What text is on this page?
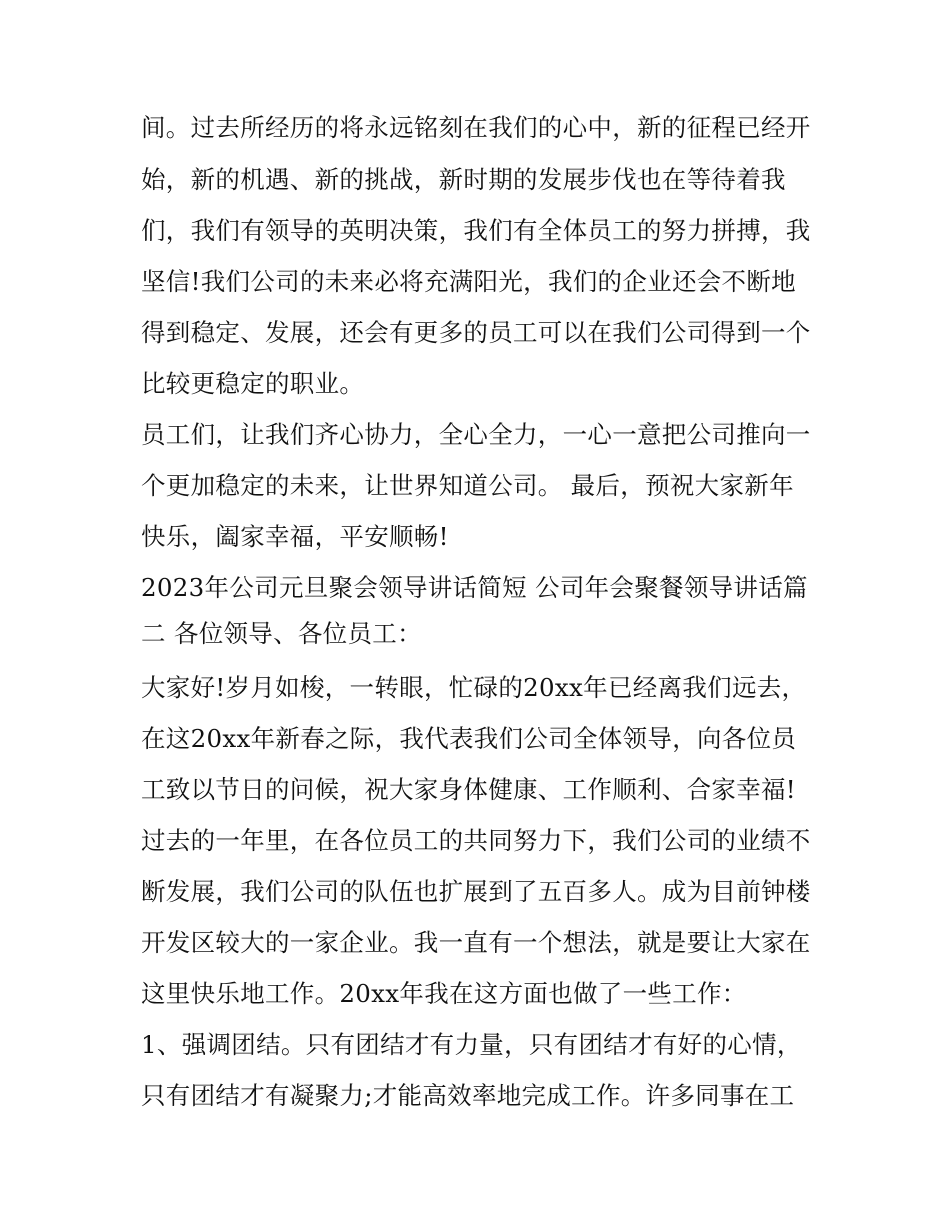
间。过去所经历的将永远铭刻在我们的心中，新的征程已经开
始，新的机遇、新的挑战，新时期的发展步伐也在等待着我
们，我们有领导的英明决策，我们有全体员工的努力拼搏，我
坚信!我们公司的未来必将充满阳光，我们的企业还会不断地
得到稳定、发展，还会有更多的员工可以在我们公司得到一个
比较更稳定的职业。
员工们，让我们齐心协力，全心全力，一心一意把公司推向一
个更加稳定的未来，让世界知道公司。 最后，预祝大家新年
快乐，阖家幸福，平安顺畅!
2023年公司元旦聚会领导讲话简短 公司年会聚餐领导讲话篇
二 各位领导、各位员工：
大家好!岁月如梭，一转眼，忙碌的20xx年已经离我们远去，
在这20xx年新春之际，我代表我们公司全体领导，向各位员
工致以节日的问候，祝大家身体健康、工作顺利、合家幸福!
过去的一年里，在各位员工的共同努力下，我们公司的业绩不
断发展，我们公司的队伍也扩展到了五百多人。成为目前钟楼
开发区较大的一家企业。我一直有一个想法，就是要让大家在
这里快乐地工作。20xx年我在这方面也做了一些工作：
1、强调团结。只有团结才有力量，只有团结才有好的心情，
只有团结才有凝聚力;才能高效率地完成工作。许多同事在工
